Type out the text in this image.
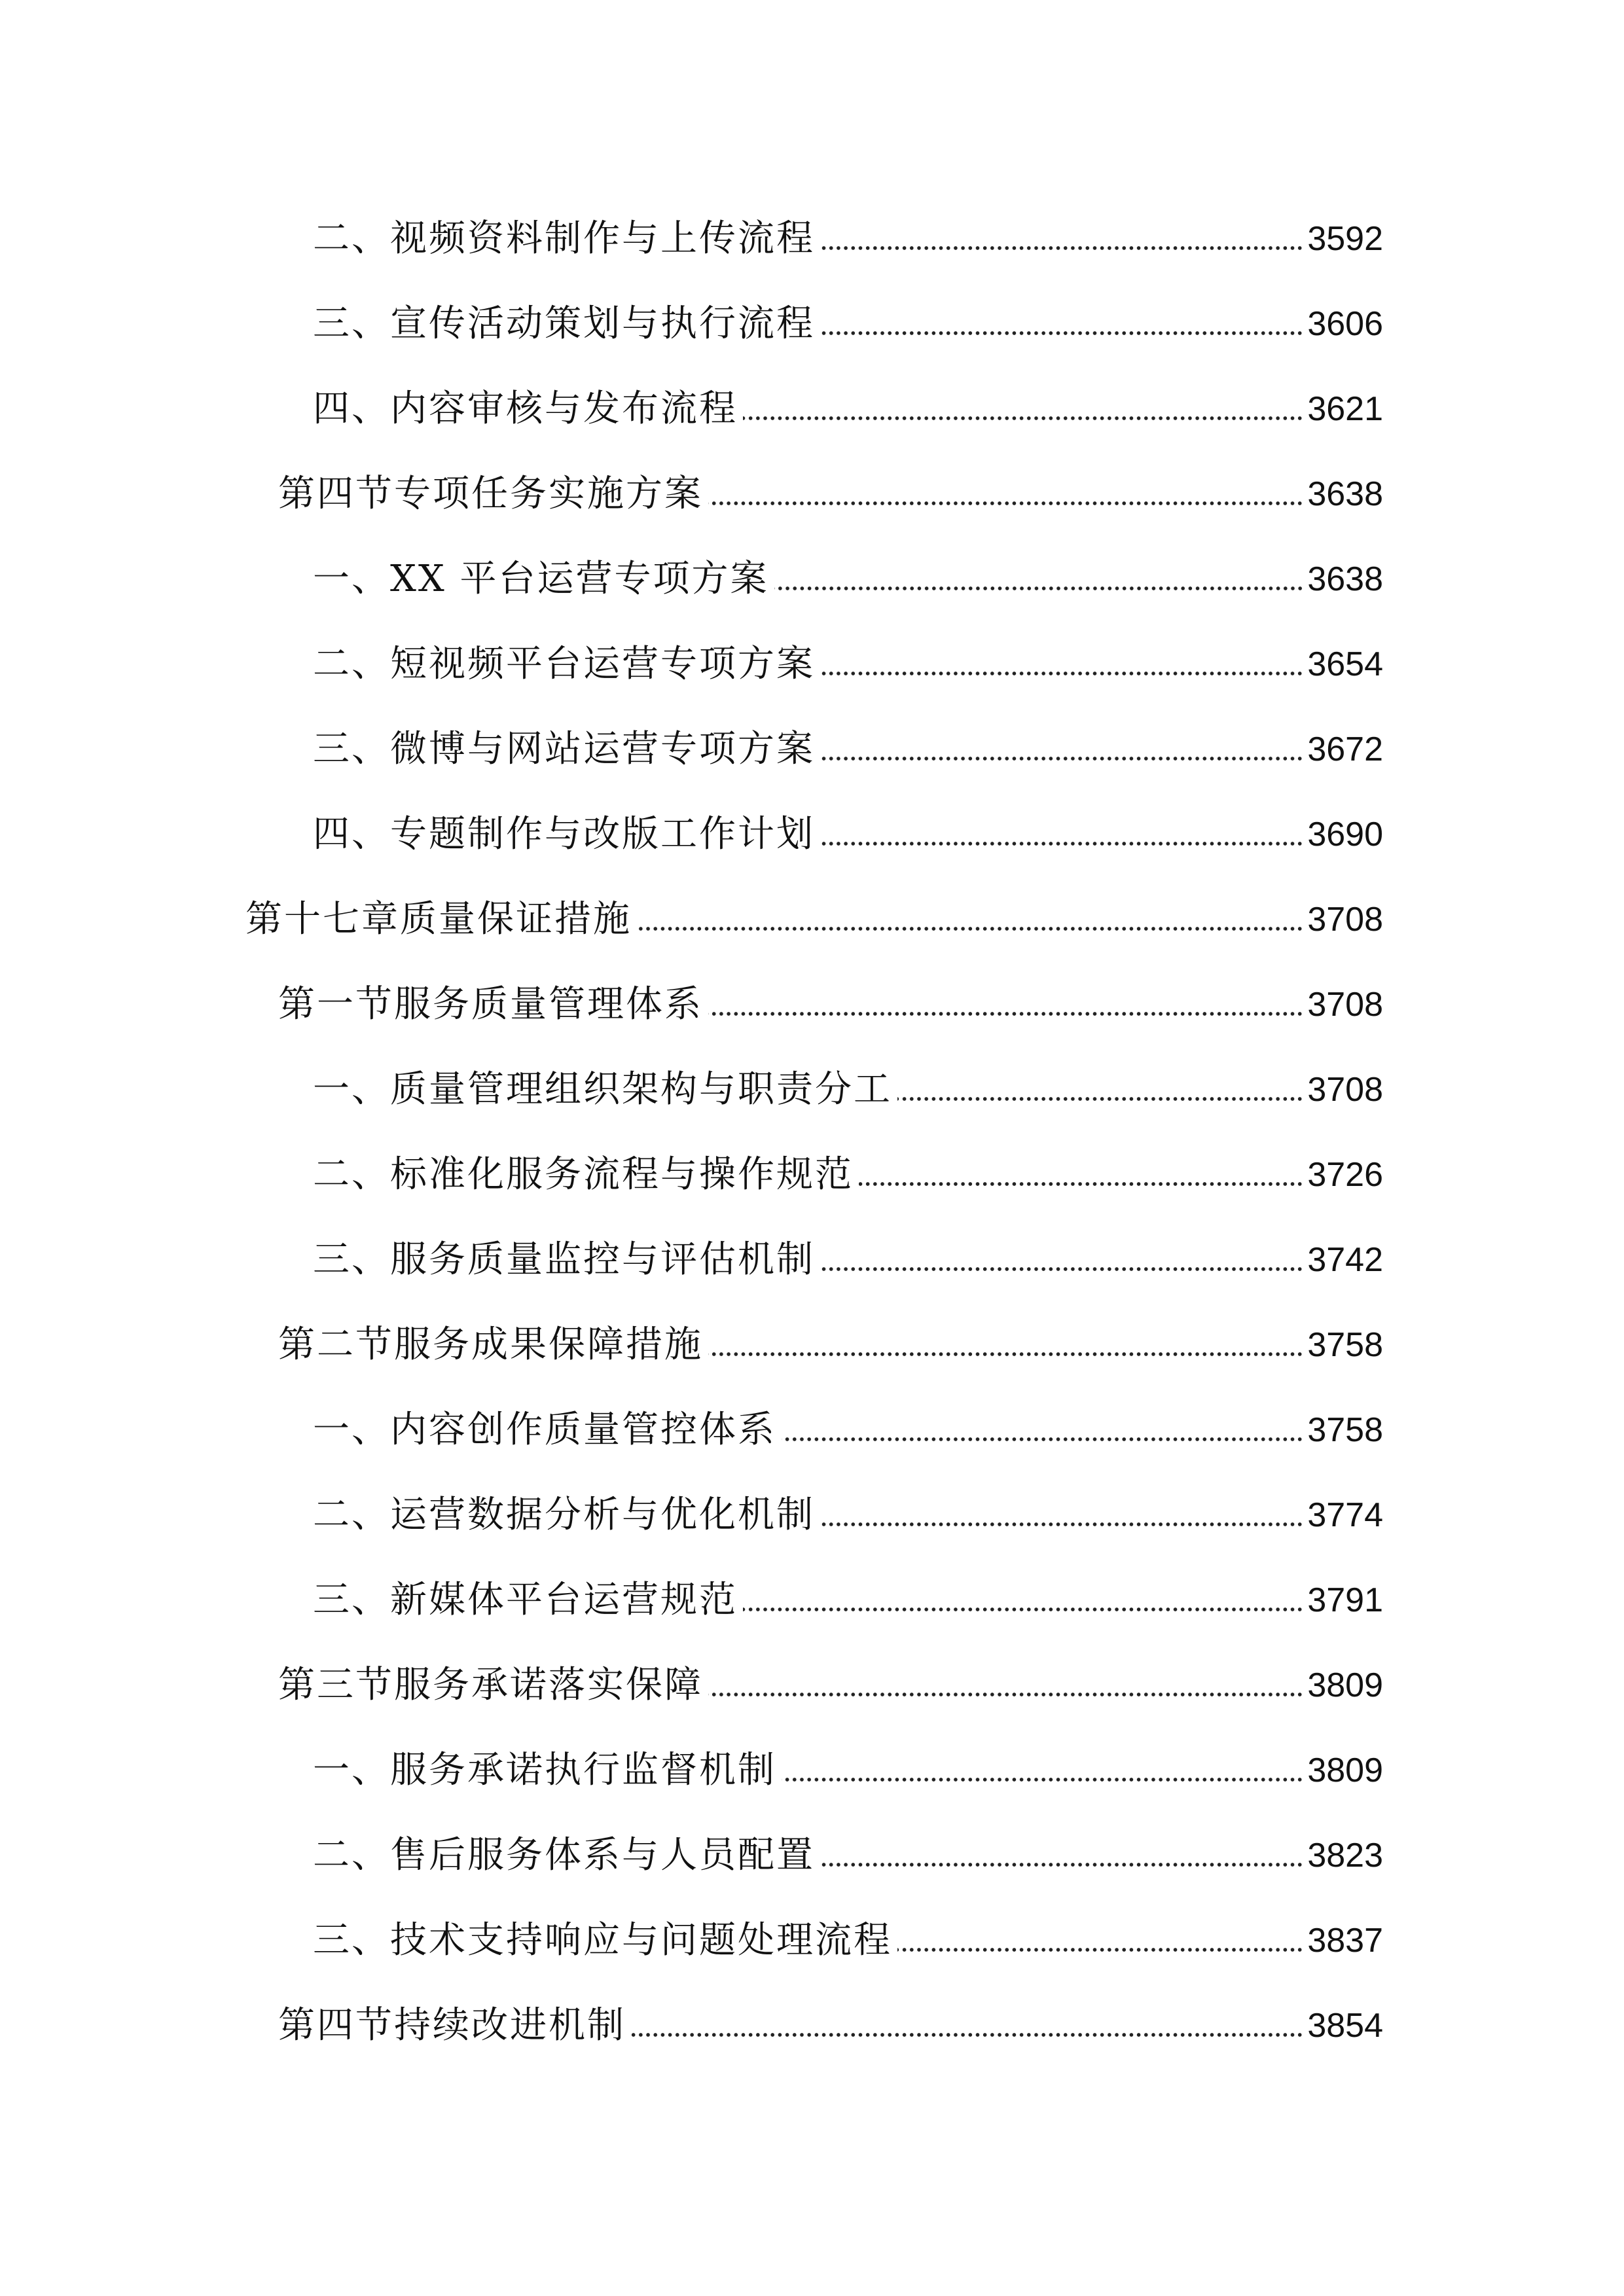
二、视频资料制作与上传流程	3592
三、宣传活动策划与执行流程	3606
四、内容审核与发布流程	3621
第四节专项任务实施方案	3638
一、XX 平台运营专项方案	3638
二、短视频平台运营专项方案	3654
三、微博与网站运营专项方案	3672
四、专题制作与改版工作计划	3690
第十七章质量保证措施	3708
第一节服务质量管理体系	3708
一、质量管理组织架构与职责分工	3708
二、标准化服务流程与操作规范	3726
三、服务质量监控与评估机制	3742
第二节服务成果保障措施	3758
一、内容创作质量管控体系	3758
二、运营数据分析与优化机制	3774
三、新媒体平台运营规范	3791
第三节服务承诺落实保障	3809
一、服务承诺执行监督机制	3809
二、售后服务体系与人员配置	3823
三、技术支持响应与问题处理流程	3837
第四节持续改进机制	3854
